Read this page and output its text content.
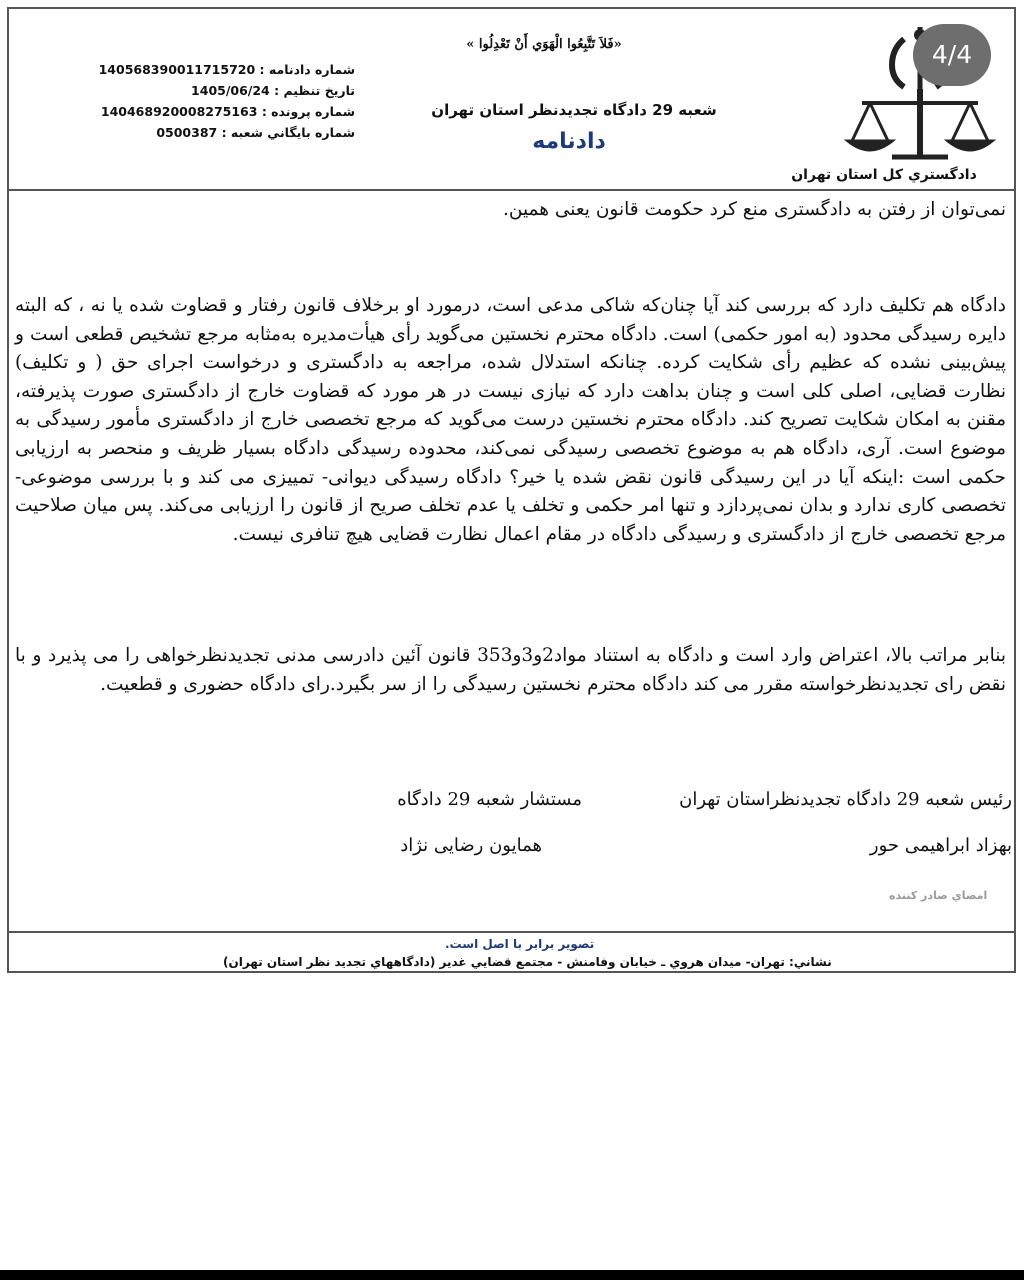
شماره دادنامه : 140568390011715720
تاريخ تنظيم : 1405/06/24
شماره پرونده : 140468920008275163
شماره بايگاني شعبه : 0500387
«فَلاَ تَتَّبِعُوا الْهَوَي أَنْ تَعْدِلُوا »
شعبه 29 دادگاه تجديدنظر استان تهران
دادنامه
دادگستري كل استان تهران
نمی‌توان از رفتن به دادگستری منع کرد حکومت قانون یعنی همین.
دادگاه هم تکلیف دارد که بررسی کند آیا چنان‌که شاکی مدعی است، درمورد او برخلاف قانون رفتار و قضاوت شده یا نه ، که البته دایره رسیدگی محدود (به امور حکمی) است. دادگاه محترم نخستین می‌گوید رأی هیأت‌مدیره به‌مثابه مرجع تشخیص قطعی است و پیش‌بینی نشده که عظیم رأی شکایت کرده. چنانکه استدلال شده، مراجعه به دادگستری و درخواست اجرای حق ( و تکلیف) نظارت قضایی، اصلی کلی است و چنان بداهت دارد که نیازی نیست در هر مورد که قضاوت خارج از دادگستری صورت پذیرفته، مقنن به امکان شکایت تصریح کند. دادگاه محترم نخستین درست می‌گوید که مرجع تخصصی خارج از دادگستری مأمور رسیدگی به موضوع است. آری، دادگاه هم به موضوع تخصصی رسیدگی نمی‌کند، محدوده رسیدگی دادگاه بسیار ظریف و منحصر به ارزیابی حکمی است :اینکه آیا در این رسیدگی قانون نقض شده یا خیر؟ دادگاه رسیدگی دیوانی- تمییزی می کند و با بررسی موضوعی-تخصصی کاری ندارد و بدان نمی‌پردازد و تنها امر حکمی و تخلف یا عدم تخلف صریح از قانون را ارزیابی می‌کند. پس میان صلاحیت مرجع تخصصی خارج از دادگستری و رسیدگی دادگاه در مقام اعمال نظارت قضایی هیچ تنافری نیست.
بنابر مراتب بالا، اعتراض وارد است و دادگاه به استناد مواد2و3و353 قانون آئین دادرسی مدنی تجدیدنظرخواهی را می پذیرد و با نقض رای تجدیدنظرخواسته مقرر می کند دادگاه محترم نخستین رسیدگی را از سر بگیرد.رای دادگاه حضوری و قطعیت.
رئیس شعبه 29 دادگاه تجدیدنظراستان تهران
بهزاد ابراهیمی حور
مستشار شعبه 29 دادگاه
همایون رضایی نژاد
امضاي صادر كننده
تصوير برابر با اصل است.
نشاني: تهران- ميدان هروي ـ خيابان وفامنش - مجتمع قضايي غدير (دادگاههاي تجديد نظر استان تهران)
4/4
